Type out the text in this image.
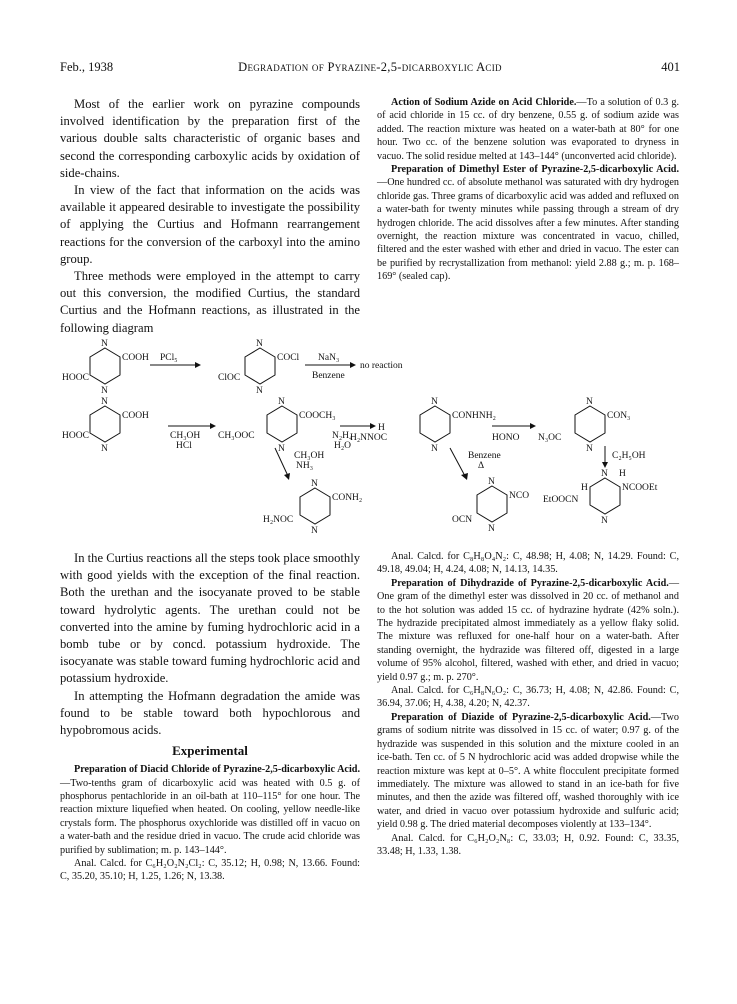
Feb., 1938	Degradation of Pyrazine-2,5-dicarboxylic Acid	401

Most of the earlier work on pyrazine compounds involved identification by the preparation first of the various double salts characteristic of organic bases and second the corresponding carboxylic acids by oxidation of side-chains.

In view of the fact that information on the acids was available it appeared desirable to investigate the possibility of applying the Curtius and Hofmann rearrangement reactions for the conversion of the carboxyl into the amino group.

Three methods were employed in the attempt to carry out this conversion, the modified Curtius, the standard Curtius and the Hofmann reactions, as illustrated in the following diagram

Action of Sodium Azide on Acid Chloride.—To a solution of 0.3 g. of acid chloride in 15 cc. of dry benzene, 0.55 g. of sodium azide was added. The reaction mixture was heated on a water-bath at 80° for one hour. Two cc. of the benzene solution was evaporated to dryness in vacuo. The solid residue melted at 143–144° (unconverted acid chloride).

Preparation of Dimethyl Ester of Pyrazine-2,5-dicarboxylic Acid.—One hundred cc. of absolute methanol was saturated with dry hydrogen chloride gas. Three grams of dicarboxylic acid was added and refluxed on a water-bath for twenty minutes while passing through a stream of dry hydrogen chloride. The acid dissolves after a few minutes. After standing overnight, the reaction mixture was concentrated in vacuo, chilled, filtered and the ester washed with ether and dried in vacuo. The ester can be purified by recrystallization from methanol: yield 2.88 g.; m. p. 168–169° (sealed cap).

N
N
COOH
HOOC
PCl₅
N
N
COCl
ClOC
NaN₃
Benzene
no reaction
N
N
COOH
HOOC	CH₃OH
HCl
N
N
COOCH₃
CH₃OOC	N₂H₄
H₂O
H
H₂NNOC
N
N
CONHNH₂
HONO N₃OC
N
N
CON₃
CH₃OH
NH₃
N
N
CONH₂
H₂NOC
Benzene
Δ
N
N
NCO
OCN
C₂H₅OH
N H
NCOOEt
H
EtOOCN
N

In the Curtius reactions all the steps took place smoothly with good yields with the exception of the final reaction. Both the urethan and the isocyanate proved to be stable toward hydrolytic agents. The urethan could not be converted into the amine by fuming hydrochloric acid in a bomb tube or by concd. potassium hydroxide. The isocyanate was stable toward fuming hydrochloric acid and potassium hydroxide.

In attempting the Hofmann degradation the amide was found to be stable toward both hypochlorous and hypobromous acids.

Experimental

Preparation of Diacid Chloride of Pyrazine-2,5-dicarboxylic Acid.—Two-tenths gram of dicarboxylic acid was heated with 0.5 g. of phosphorus pentachloride in an oil-bath at 110–115° for one hour. The reaction mixture liquefied when heated. On cooling, yellow needle-like crystals form. The phosphorus oxychloride was distilled off in vacuo on a water-bath and the residue dried in vacuo. The crude acid chloride was purified by sublimation; m. p. 143–144°.

Anal. Calcd. for C₆H₂O₂N₂Cl₂: C, 35.12; H, 0.98; N, 13.66. Found: C, 35.20, 35.10; H, 1.25, 1.26; N, 13.38.

Anal. Calcd. for C₈H₈O₄N₂: C, 48.98; H, 4.08; N, 14.29. Found: C, 49.18, 49.04; H, 4.24, 4.08; N, 14.13, 14.35.

Preparation of Dihydrazide of Pyrazine-2,5-dicarboxylic Acid.—One gram of the dimethyl ester was dissolved in 20 cc. of methanol and to the hot solution was added 15 cc. of hydrazine hydrate (42% soln.). The hydrazide precipitated almost immediately as a yellow flaky solid. The mixture was refluxed for one-half hour on a water-bath. After standing overnight, the hydrazide was filtered off, digested in a large volume of 95% alcohol, filtered, washed with ether, and dried in vacuo; yield 0.97 g.; m. p. 270°.

Anal. Calcd. for C₆H₈N₆O₂: C, 36.73; H, 4.08; N, 42.86. Found: C, 36.94, 37.06; H, 4.38, 4.20; N, 42.37.

Preparation of Diazide of Pyrazine-2,5-dicarboxylic Acid.—Two grams of sodium nitrite was dissolved in 15 cc. of water; 0.97 g. of the hydrazide was suspended in this solution and the mixture cooled in an ice-bath. Ten cc. of 5 N hydrochloric acid was added dropwise while the reaction mixture was kept at 0–5°. A white flocculent precipitate formed immediately. The mixture was allowed to stand in an ice-bath for five minutes, and then the azide was filtered off, washed thoroughly with ice water, and dried in vacuo over potassium hydroxide and sulfuric acid; yield 0.98 g. The dried material decomposes violently at 133–134°.

Anal. Calcd. for C₆H₂O₂N₈: C, 33.03; H, 0.92. Found: C, 33.35, 33.48; H, 1.33, 1.38.
